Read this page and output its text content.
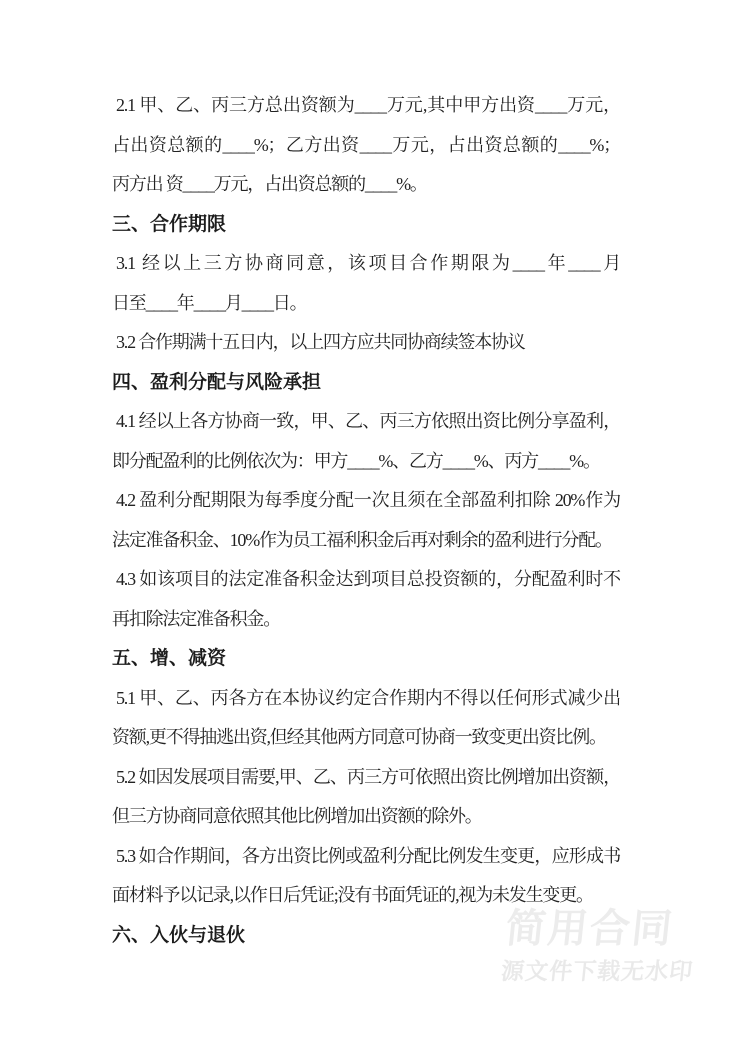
2.1 甲、乙、丙三方总出资额为____万元,其中甲方出资____万元，
占出资总额的____%；乙方出资____万元，占出资总额的____%；
丙方出 资____万元，占出资总额的____%。
三、合作期限
3.1 经以上三方协商同意，该项目合作期限为____年____月
日至____年____月____日。
3.2 合作期满十五日内，以上四方应共同协商续签本协议
四、盈利分配与风险承担
4.1 经以上各方协商一致，甲、乙、丙三方依照出资比例分享盈利，
即分配盈利的比例依次为：甲方____%、乙方____%、丙方____%。
4.2 盈利分配期限为每季度分配一次且须在全部盈利扣除 20%作为
法定准备积金、10%作为员工福利积金后再对剩余的盈利进行分配。
4.3 如该项目的法定准备积金达到项目总投资额的，分配盈利时不
再扣除法定准备积金。
五、增、减资
5.1 甲、乙、丙各方在本协议约定合作期内不得以任何形式减少出
资额,更不得抽逃出资,但经其他两方同意可协商一致变更出资比例。
5.2 如因发展项目需要,甲、乙、丙三方可依照出资比例增加出资额，
但三方协商同意依照其他比例增加出资额的除外。
5.3 如合作期间，各方出资比例或盈利分配比例发生变更，应形成书
面材料予以记录,以作日后凭证;没有书面凭证的,视为未发生变更。
六、入伙与退伙	简用合同
源文件下载无水印
